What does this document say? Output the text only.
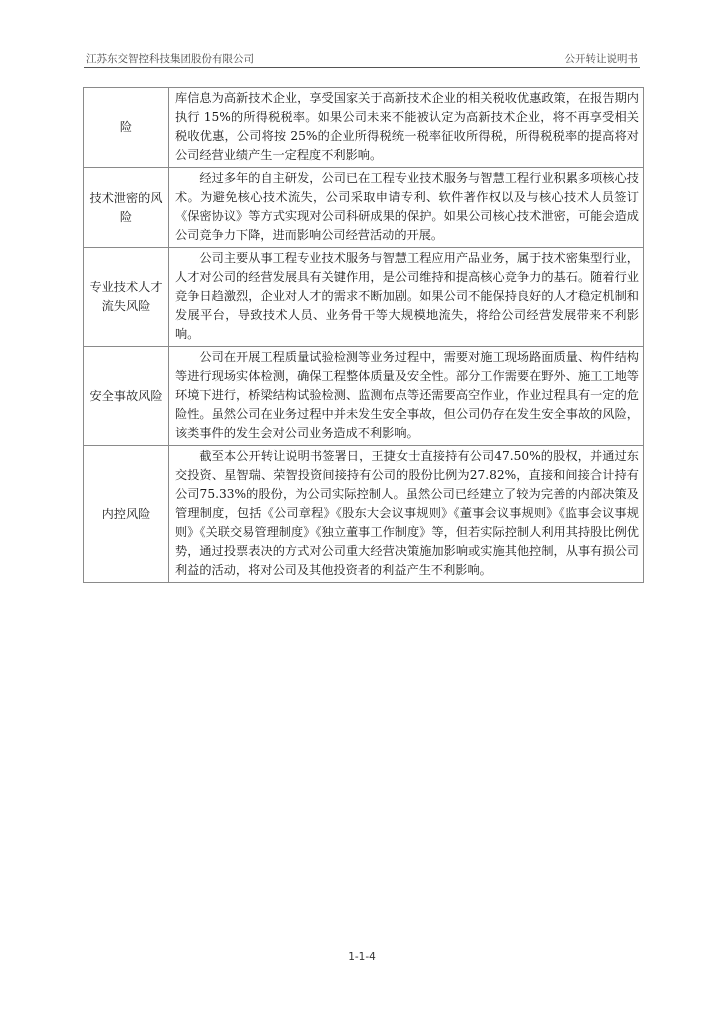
江苏东交智控科技集团股份有限公司	公开转让说明书
险	库信息为高新技术企业，享受国家关于高新技术企业的相关税收优惠政策，在报告期内执行 15%的所得税税率。如果公司未来不能被认定为高新技术企业，将不再享受相关税收优惠，公司将按 25%的企业所得税统一税率征收所得税，所得税税率的提高将对公司经营业绩产生一定程度不利影响。
技术泄密的风险	经过多年的自主研发，公司已在工程专业技术服务与智慧工程行业积累多项核心技术。为避免核心技术流失，公司采取申请专利、软件著作权以及与核心技术人员签订《保密协议》等方式实现对公司科研成果的保护。如果公司核心技术泄密，可能会造成公司竞争力下降，进而影响公司经营活动的开展。
专业技术人才流失风险	公司主要从事工程专业技术服务与智慧工程应用产品业务，属于技术密集型行业，人才对公司的经营发展具有关键作用，是公司维持和提高核心竞争力的基石。随着行业竞争日趋激烈，企业对人才的需求不断加剧。如果公司不能保持良好的人才稳定机制和发展平台，导致技术人员、业务骨干等大规模地流失，将给公司经营发展带来不利影响。
安全事故风险	公司在开展工程质量试验检测等业务过程中，需要对施工现场路面质量、构件结构等进行现场实体检测，确保工程整体质量及安全性。部分工作需要在野外、施工工地等环境下进行，桥梁结构试验检测、监测布点等还需要高空作业，作业过程具有一定的危险性。虽然公司在业务过程中并未发生安全事故，但公司仍存在发生安全事故的风险，该类事件的发生会对公司业务造成不利影响。
内控风险	截至本公开转让说明书签署日，王捷女士直接持有公司47.50%的股权，并通过东交投资、星智瑞、荣智投资间接持有公司的股份比例为27.82%，直接和间接合计持有公司75.33%的股份，为公司实际控制人。虽然公司已经建立了较为完善的内部决策及管理制度，包括《公司章程》《股东大会议事规则》《董事会议事规则》《监事会议事规则》《关联交易管理制度》《独立董事工作制度》等，但若实际控制人利用其持股比例优势，通过投票表决的方式对公司重大经营决策施加影响或实施其他控制，从事有损公司利益的活动，将对公司及其他投资者的利益产生不利影响。
1-1-4
